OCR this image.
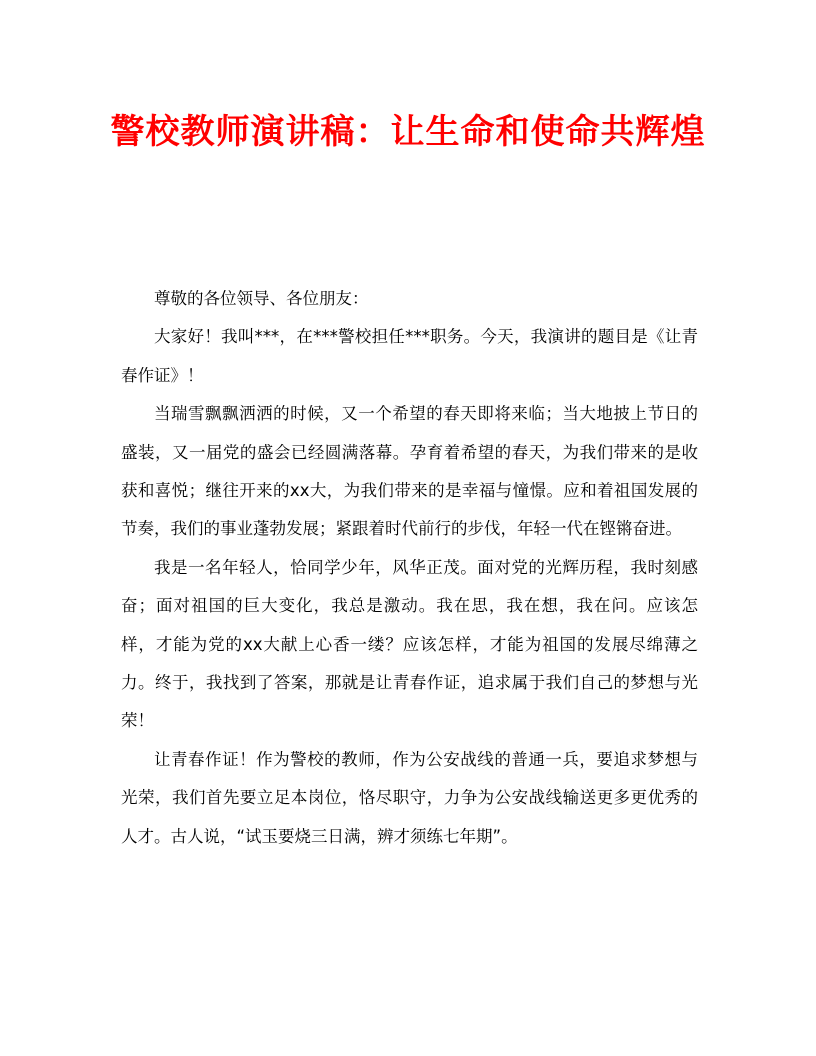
警校教师演讲稿：让生命和使命共辉煌

尊敬的各位领导、各位朋友：

大家好！我叫***，在***警校担任***职务。今天，我演讲的题目是《让青春作证》！

当瑞雪飘飘洒洒的时候，又一个希望的春天即将来临；当大地披上节日的盛装，又一届党的盛会已经圆满落幕。孕育着希望的春天，为我们带来的是收获和喜悦；继往开来的xx大，为我们带来的是幸福与憧憬。应和着祖国发展的节奏，我们的事业蓬勃发展；紧跟着时代前行的步伐，年轻一代在铿锵奋进。

我是一名年轻人，恰同学少年，风华正茂。面对党的光辉历程，我时刻感奋；面对祖国的巨大变化，我总是激动。我在思，我在想，我在问。应该怎样，才能为党的xx大献上心香一缕？应该怎样，才能为祖国的发展尽绵薄之力。终于，我找到了答案，那就是让青春作证，追求属于我们自己的梦想与光荣！

让青春作证！作为警校的教师，作为公安战线的普通一兵，要追求梦想与光荣，我们首先要立足本岗位，恪尽职守，力争为公安战线输送更多更优秀的人才。古人说，“试玉要烧三日满，辨才须练七年期”。
